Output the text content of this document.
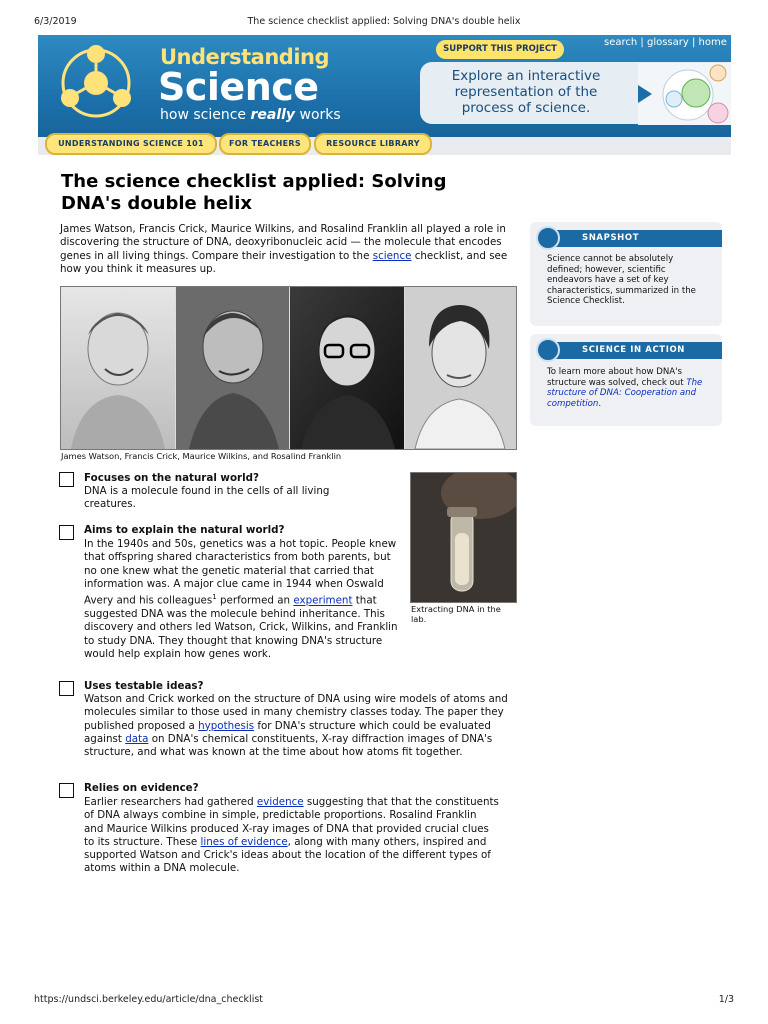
6/3/2019	The science checklist applied: Solving DNA's double helix
https://undsci.berkeley.edu/article/dna_checklist	1/3
Understanding
Science
how science really works
SUPPORT THIS PROJECT
search | glossary | home
Explore an interactive representation of the process of science.
UNDERSTANDING SCIENCE 101	FOR TEACHERS	RESOURCE LIBRARY
The science checklist applied: Solving DNA's double helix
James Watson, Francis Crick, Maurice Wilkins, and Rosalind Franklin all played a role in discovering the structure of DNA, deoxyribonucleic acid — the molecule that encodes genes in all living things. Compare their investigation to the science checklist, and see how you think it measures up.
James Watson, Francis Crick, Maurice Wilkins, and Rosalind Franklin
Focuses on the natural world?
DNA is a molecule found in the cells of all living creatures.
Aims to explain the natural world?
In the 1940s and 50s, genetics was a hot topic. People knew that offspring shared characteristics from both parents, but no one knew what the genetic material that carried that information was. A major clue came in 1944 when Oswald Avery and his colleagues$^1$ performed an experiment that suggested DNA was the molecule behind inheritance. This discovery and others led Watson, Crick, Wilkins, and Franklin to study DNA. They thought that knowing DNA's structure would help explain how genes work.
Extracting DNA in the lab.
Uses testable ideas?
Watson and Crick worked on the structure of DNA using wire models of atoms and molecules similar to those used in many chemistry classes today. The paper they published proposed a hypothesis for DNA's structure which could be evaluated against data on DNA's chemical constituents, X-ray diffraction images of DNA's structure, and what was known at the time about how atoms fit together.
Relies on evidence?
Earlier researchers had gathered evidence suggesting that that the constituents of DNA always combine in simple, predictable proportions. Rosalind Franklin and Maurice Wilkins produced X-ray images of DNA that provided crucial clues to its structure. These lines of evidence, along with many others, inspired and supported Watson and Crick's ideas about the location of the different types of atoms within a DNA molecule.
SNAPSHOT
Science cannot be absolutely defined; however, scientific endeavors have a set of key characteristics, summarized in the Science Checklist.
SCIENCE IN ACTION
To learn more about how DNA's structure was solved, check out The structure of DNA: Cooperation and competition.
